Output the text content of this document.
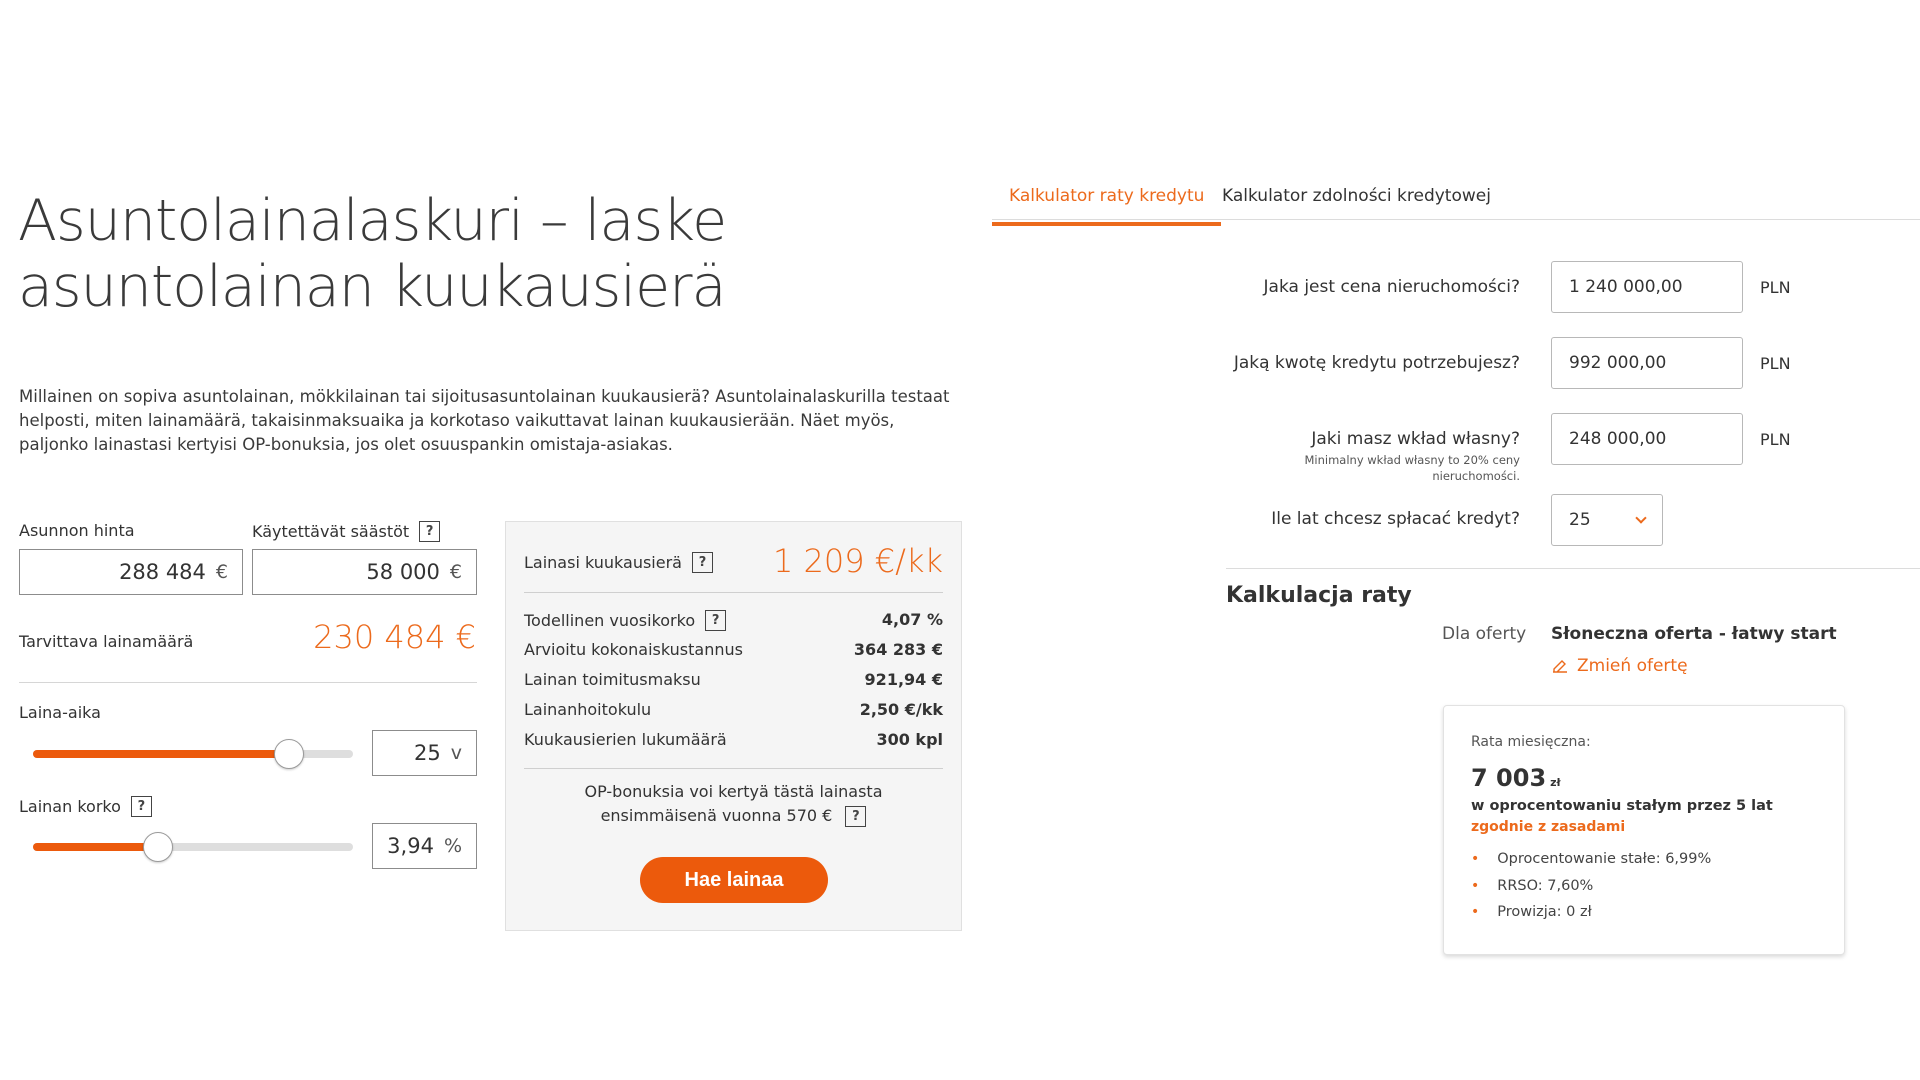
Asuntolainalaskuri – laske asuntolainan kuukausierä

Millainen on sopiva asuntolainan, mökkilainan tai sijoitusasuntolainan kuukausierä? Asuntolainalaskurilla testaat helposti, miten lainamäärä, takaisinmaksuaika ja korkotaso vaikuttavat lainan kuukausierään. Näet myös, paljonko lainastasi kertyisi OP-bonuksia, jos olet osuuspankin omistaja-asiakas.

Asunnon hinta
288 484 €
Käytettävät säästöt	?
58 000 €
Tarvittava lainamäärä	230 484 €
Laina-aika
25 v
Lainan korko	?
3,94 %
Lainasi kuukausierä	? 1 209 €/kk
Todellinen vuosikorko	?	4,07 %
Arvioitu kokonaiskustannus	364 283 €
Lainan toimitusmaksu	921,94 €
Lainanhoitokulu	2,50 €/kk
Kuukausierien lukumäärä	300 kpl
OP-bonuksia voi kertyä tästä lainasta
ensimmäisenä vuonna 570 € ?
Hae lainaa
Kalkulator raty kredytu	Kalkulator zdolności kredytowej
Jaka jest cena nieruchomości?	1 240 000,00	PLN
Jaką kwotę kredytu potrzebujesz?	992 000,00	PLN
Jaki masz wkład własny?
Minimalny wkład własny to 20% ceny nieruchomości.
248 000,00	PLN
Ile lat chcesz spłacać kredyt?	25
Kalkulacja raty
Dla oferty Słoneczna oferta - łatwy start
Zmień ofertę
Rata miesięczna:
7 003 zł
w oprocentowaniu stałym przez 5 lat
zgodnie z zasadami
• Oprocentowanie stałe: 6,99%
• RRSO: 7,60%
• Prowizja: 0 zł
